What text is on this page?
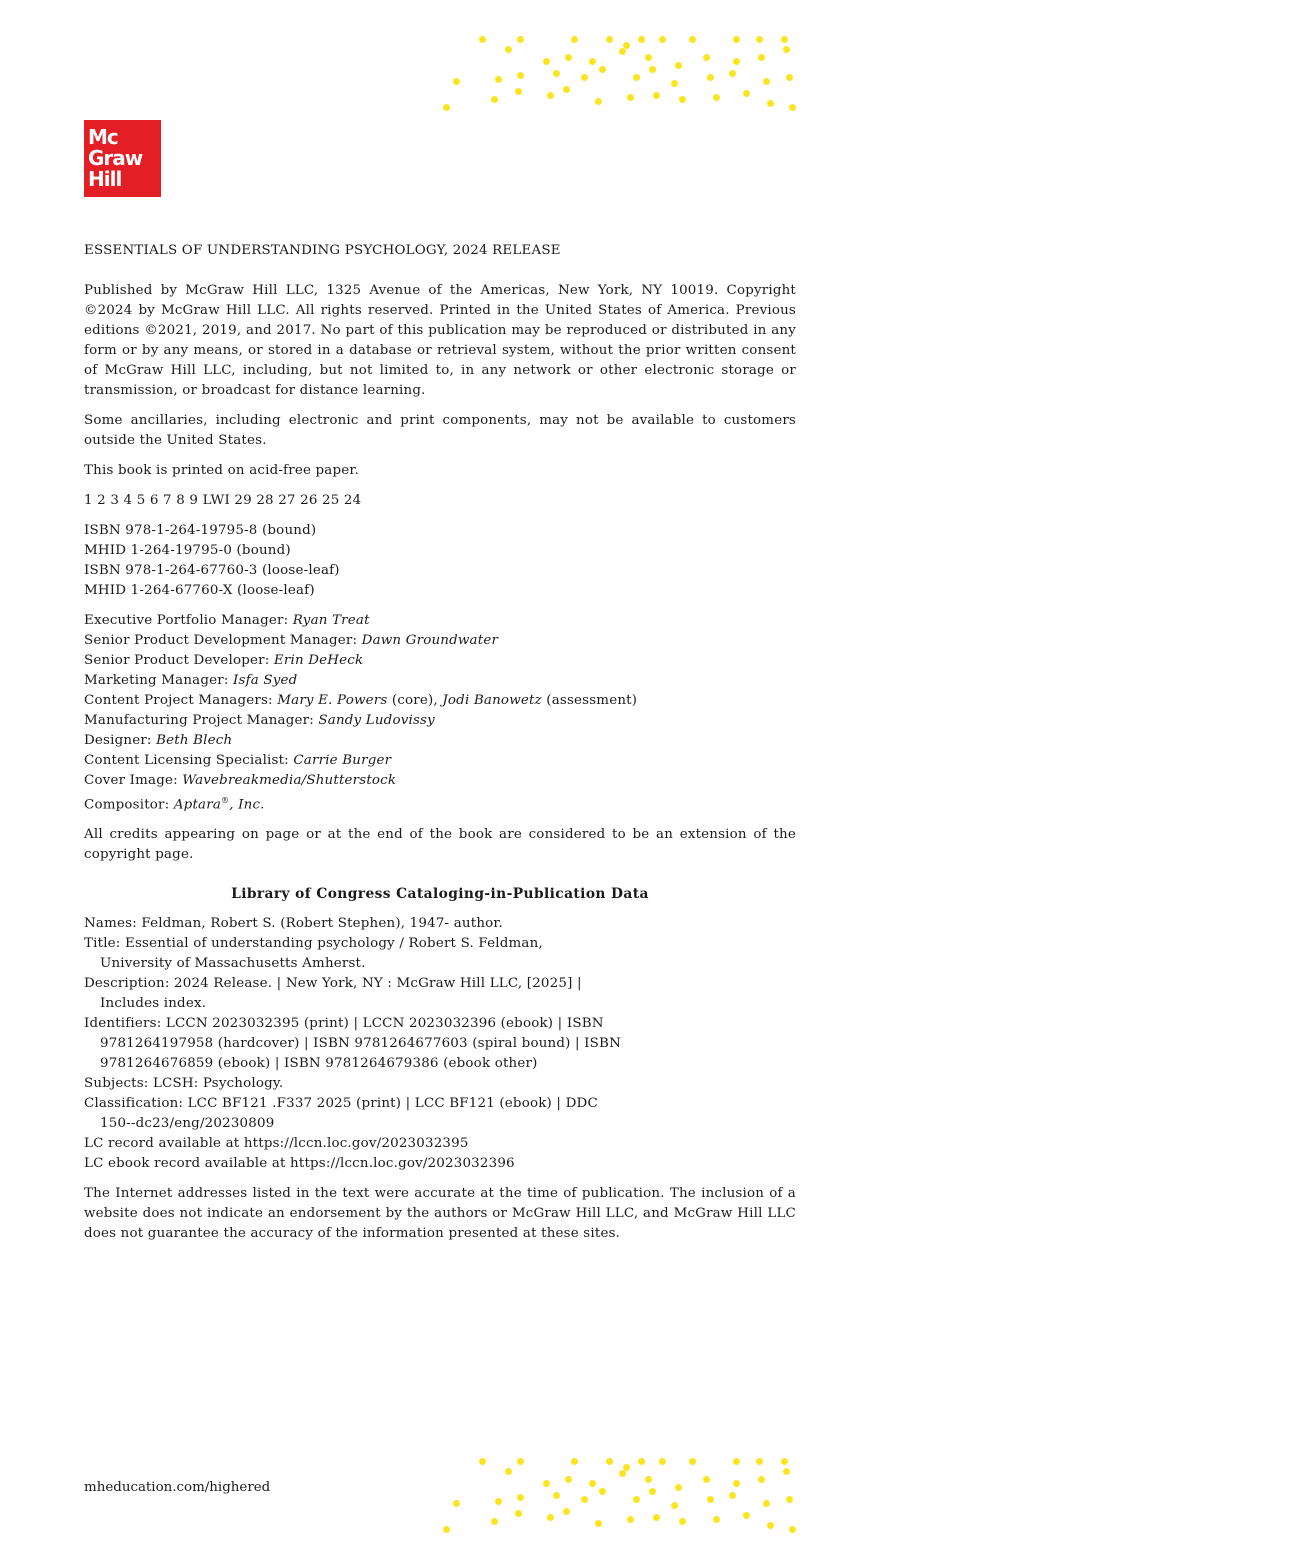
Mc
Graw
Hill

ESSENTIALS OF UNDERSTANDING PSYCHOLOGY, 2024 RELEASE

Published by McGraw Hill LLC, 1325 Avenue of the Americas, New York, NY 10019. Copyright ©2024 by McGraw Hill LLC. All rights reserved. Printed in the United States of America. Previous editions ©2021, 2019, and 2017. No part of this publication may be reproduced or distributed in any form or by any means, or stored in a database or retrieval system, without the prior written consent of McGraw Hill LLC, including, but not limited to, in any network or other electronic storage or transmission, or broadcast for distance learning.

Some ancillaries, including electronic and print components, may not be available to customers outside the United States.

This book is printed on acid-free paper.

1 2 3 4 5 6 7 8 9 LWI 29 28 27 26 25 24

ISBN 978-1-264-19795-8 (bound)
MHID 1-264-19795-0 (bound)
ISBN 978-1-264-67760-3 (loose-leaf)
MHID 1-264-67760-X (loose-leaf)
Executive Portfolio Manager: Ryan Treat
Senior Product Development Manager: Dawn Groundwater
Senior Product Developer: Erin DeHeck
Marketing Manager: Isfa Syed
Content Project Managers: Mary E. Powers (core), Jodi Banowetz (assessment)
Manufacturing Project Manager: Sandy Ludovissy
Designer: Beth Blech
Content Licensing Specialist: Carrie Burger
Cover Image: Wavebreakmedia/Shutterstock
Compositor: Aptara®, Inc.

All credits appearing on page or at the end of the book are considered to be an extension of the copyright page.

Library of Congress Cataloging-in-Publication Data

Names: Feldman, Robert S. (Robert Stephen), 1947- author.
Title: Essential of understanding psychology / Robert S. Feldman,
University of Massachusetts Amherst.
Description: 2024 Release. | New York, NY : McGraw Hill LLC, [2025] |
Includes index.
Identifiers: LCCN 2023032395 (print) | LCCN 2023032396 (ebook) | ISBN
9781264197958 (hardcover) | ISBN 9781264677603 (spiral bound) | ISBN
9781264676859 (ebook) | ISBN 9781264679386 (ebook other)
Subjects: LCSH: Psychology.
Classification: LCC BF121 .F337 2025 (print) | LCC BF121 (ebook) | DDC
150--dc23/eng/20230809
LC record available at https://lccn.loc.gov/2023032395
LC ebook record available at https://lccn.loc.gov/2023032396

The Internet addresses listed in the text were accurate at the time of publication. The inclusion of a website does not indicate an endorsement by the authors or McGraw Hill LLC, and McGraw Hill LLC does not guarantee the accuracy of the information presented at these sites.

mheducation.com/highered
